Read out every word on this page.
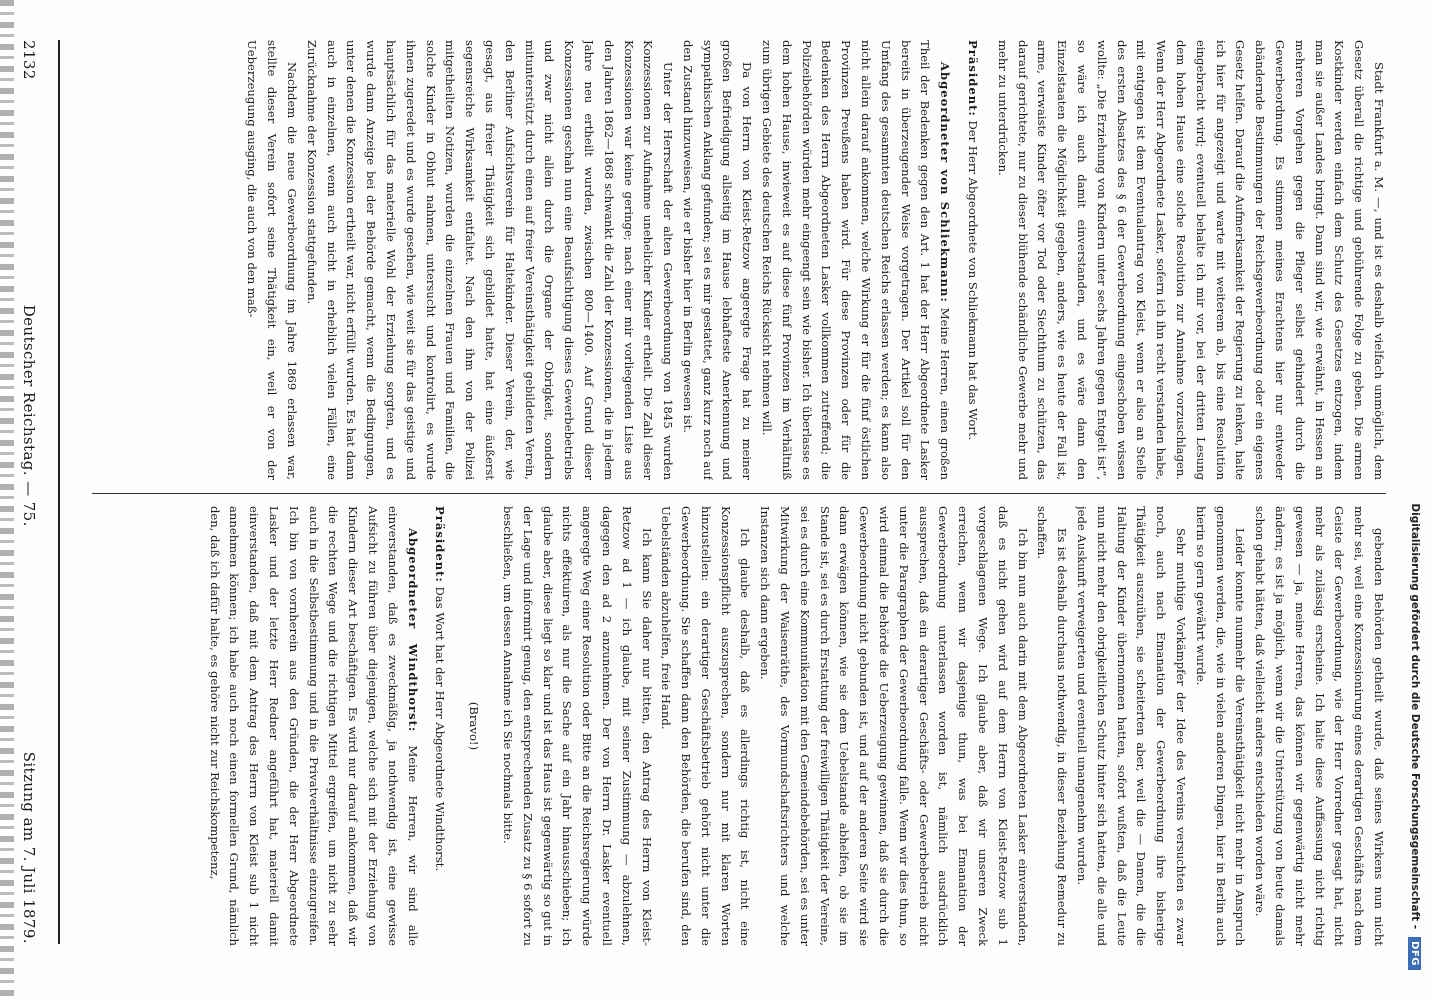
2132
Deutscher Reichstag. — 75.
Sitzung am 7. Juli 1879.

Stadt Frankfurt a. M. —, und ist es deshalb vielfach unmöglich, dem Gesetz überall die richtige und gebührende Folge zu geben. Die armen Kostkinder werden einfach dem Schutz des Gesetzes entzogen, indem man sie außer Landes bringt. Dann sind wir, wie erwähnt, in Hessen an mehreren Vorgehen gegen die Pfleger selbst gehindert durch die Gewerbeordnung. Es stimmen meines Erachtens hier nur entweder abändernde Bestimmungen der Reichsgewerbeordnung oder ein eigenes Gesetz helfen. Darauf die Aufmerksamkeit der Regierung zu lenken, halte ich hier für angezeigt und warte mit weiterem ab, bis eine Resolution eingebracht wird; eventuell behalte ich mir vor, bei der dritten Lesung dem hohen Hause eine solche Resolution zur Annahme vorzuschlagen. Wenn der Herr Abgeordnete Lasker, sofern ich ihn recht verstanden habe, mit entgegen ist dem Eventualantrag von Kleist, wenn er also an Stelle des ersten Absatzes des § 6 der Gewerbeordnung eingeschoben wissen wollte: „Die Erziehung von Kindern unter sechs Jahren gegen Entgelt ist“, so wäre ich auch damit einverstanden, und es wäre dann den Einzelstaaten die Möglichkeit gegeben, anders, wie es heute der Fall ist, arme, verwaiste Kinder öfter vor Tod oder Siechthum zu schützen, das darauf gerichtete, nur zu dieser blühende schändliche Gewerbe mehr und mehr zu unterdrücken.

Präsident: Der Herr Abgeordnete von Schliekmann hat das Wort.

Abgeordneter von Schliekmann: Meine Herren, einen großen Theil der Bedenken gegen den Art. 1 hat der Herr Abgeordnete Lasker bereits in überzeugender Weise vorgetragen. Der Artikel soll für den Umfang des gesammten deutschen Reichs erlassen werden; es kann also nicht allein darauf ankommen, welche Wirkung er für die fünf östlichen Provinzen Preußens haben wird. Für diese Provinzen oder für die Bedenken des Herrn Abgeordneten Lasker vollkommen zutreffend; die Polizeibehörden würden mehr eingeengt sein wie bisher. Ich überlasse es dem hohen Hause, inwieweit es auf diese fünf Provinzen im Verhältniß zum übrigen Gebiete des deutschen Reichs Rücksicht nehmen will.

Da von Herrn von Kleist-Retzow angeregte Frage hat zu meiner großen Befriedigung allseitig im Hause lebhafteste Anerkennung und sympathischen Anklang gefunden; sei es mir gestattet, ganz kurz noch auf den Zustand hinzuweisen, wie er bisher hier in Berlin gewesen ist.

Unter der Herrschaft der alten Gewerbeordnung von 1845 wurden Konzessionen zur Aufnahme unehelicher Kinder ertheilt. Die Zahl dieser Konzessionen war keine geringe; nach einer mir vorliegenden Liste aus den Jahren 1862—1868 schwankt die Zahl der Konzessionen, die in jedem Jahre neu ertheilt wurden, zwischen 800—1400. Auf Grund dieser Konzessionen geschah nun eine Beaufsichtigung dieses Gewerbebetriebs und zwar nicht allein durch die Organe der Obrigkeit, sondern mitunterstützt durch einen auf freier Vereinsthätigkeit gebildeten Verein, den Berliner Aufsichtsverein für Haltekinder. Dieser Verein, der, wie gesagt, aus freier Thätigkeit sich gebildet hatte, hat eine äußerst segensreiche Wirksamkeit entfaltet. Nach den ihm von der Polizei mitgetheilten Notizen, wurden die einzelnen Frauen und Familien, die solche Kinder in Obhut nahmen, untersucht und kontrolirt, es wurde ihnen zugeredet und es wurde gesehen, wie weit sie für das geistige und hauptsächlich für das materielle Wohl der Erziehung sorgten, und es wurde dann Anzeige bei der Behörde gemacht, wenn die Bedingungen, unter denen die Konzession ertheilt war, nicht erfüllt wurden. Es hat dann auch in einzelnen, wenn auch nicht in erheblich vielen Fällen, eine Zurücknahme der Konzession stattgefunden.

Nachdem die neue Gewerbeordnung im Jahre 1869 erlassen war, stellte dieser Verein sofort seine Thätigkeit ein, weil er von der Ueberzeugung ausging, die auch von den maß-

gebenden Behörden getheilt wurde, daß seines Wirkens nun nicht mehr sei, weil eine Konzessionirung eines derartigen Geschäfts nach dem Geiste der Gewerbeordnung, wie der Herr Vorredner gesagt hat, nicht mehr als zulässig erscheine. Ich halte diese Auffassung nicht richtig gewesen — ja, meine Herren, das können wir gegenwärtig nicht mehr ändern; es ist ja möglich, wenn wir die Unterstützung von heute damals schon gehabt hätten, daß vielleicht anders entschieden worden wäre.

Leider konnte nunmehr die Vereinsthätigkeit nicht mehr in Anspruch genommen werden, die, wie in vielen anderen Dingen, hier in Berlin auch hierin so gern gewährt wurde.

Sehr muthige Vorkämpfer der Idee des Vereins versuchten es zwar noch, auch nach Emanation der Gewerbeordnung ihre bisherige Thätigkeit auszuüben, sie scheiterten aber, weil die — Damen, die die Haltung der Kinder übernommen hatten, sofort wußten, daß die Leute nun nicht mehr den obrigkeitlichen Schutz hinter sich hatten, die alle und jede Auskunft verweigerten und eventuell unangenehm wurden.

Es ist deshalb durchaus nothwendig, in dieser Beziehung Remedur zu schaffen.

Ich bin nun auch darin mit dem Abgeordneten Lasker einverstanden, daß es nicht gehen wird auf dem Herrn von Kleist-Retzow sub 1 vorgeschlagenen Wege. Ich glaube aber, daß wir unseren Zweck erreichen, wenn wir dasjenige thun, was bei Emanation der Gewerbeordnung unterlassen worden ist, nämlich ausdrücklich aussprechen, daß ein derartiger Geschäfts- oder Gewerbebetrieb nicht unter die Paragraphen der Gewerbeordnung falle. Wenn wir dies thun, so wird einmal die Behörde die Ueberzeugung gewinnen, daß sie durch die Gewerbeordnung nicht gebunden ist, und auf der anderen Seite wird sie dann erwägen können, wie sie dem Uebelstande abhelfen, ob sie im Stande ist, sei es durch Erstattung der freiwilligen Thätigkeit der Vereine, sei es durch eine Kommunikation mit den Gemeindebehörden, sei es unter Mitwirkung der Waisenräthe, des Vormundschaftsrichters und welche Instanzen sich dann ergeben.

Ich glaube deshalb, daß es allerdings richtig ist, nicht eine Konzessionspflicht auszusprechen, sondern nur mit klaren Worten hinzustellen: ein derartiger Geschäftsbetrieb gehört nicht unter die Gewerbeordnung. Sie schaffen dann den Behörden, die berufen sind, den Uebelständen abzuhelfen, freie Hand.

Ich kann Sie daher nur bitten, den Antrag des Herrn von Kleist-Retzow ad 1 — ich glaube, mit seiner Zustimmung — abzulehnen, dagegen den ad 2 anzunehmen. Der von Herrn Dr. Lasker eventuell angeregte Weg einer Resolution oder Bitte an die Reichsregierung würde nichts effektuiren, als nur die Sache auf ein Jahr hinausschieben; ich glaube aber, diese liegt so klar und ist das Haus ist gegenwärtig so gut in der Lage und informirt genug, den entsprechenden Zusatz zu § 6 sofort zu beschließen, um dessen Annahme ich Sie nochmals bitte.

(Bravo!)

Präsident: Das Wort hat der Herr Abgeordnete Windthorst.

Abgeordneter Windthorst: Meine Herren, wir sind alle einverstanden, daß es zweckmäßig, ja nothwendig ist, eine gewisse Aufsicht zu führen über diejenigen, welche sich mit der Erziehung von Kindern dieser Art beschäftigen. Es wird nur darauf ankommen, daß wir die rechten Wege und die richtigen Mittel ergreifen, um nicht zu sehr auch in die Selbstbestimmung und in die Privatverhältnisse einzugreifen. Ich bin von vornherein aus den Gründen, die der Herr Abgeordnete Lasker und der letzte Herr Redner angeführt hat, materiell damit einverstanden, daß mit dem Antrag des Herrn von Kleist sub 1 nicht annehmen können; ich habe auch noch einen formellen Grund, nämlich den, daß ich dafür halte, es gehöre nicht zur Reichskompetenz,	Digitalisierung gefördert durch die Deutsche Forschungsgemeinschaft -
DFG
